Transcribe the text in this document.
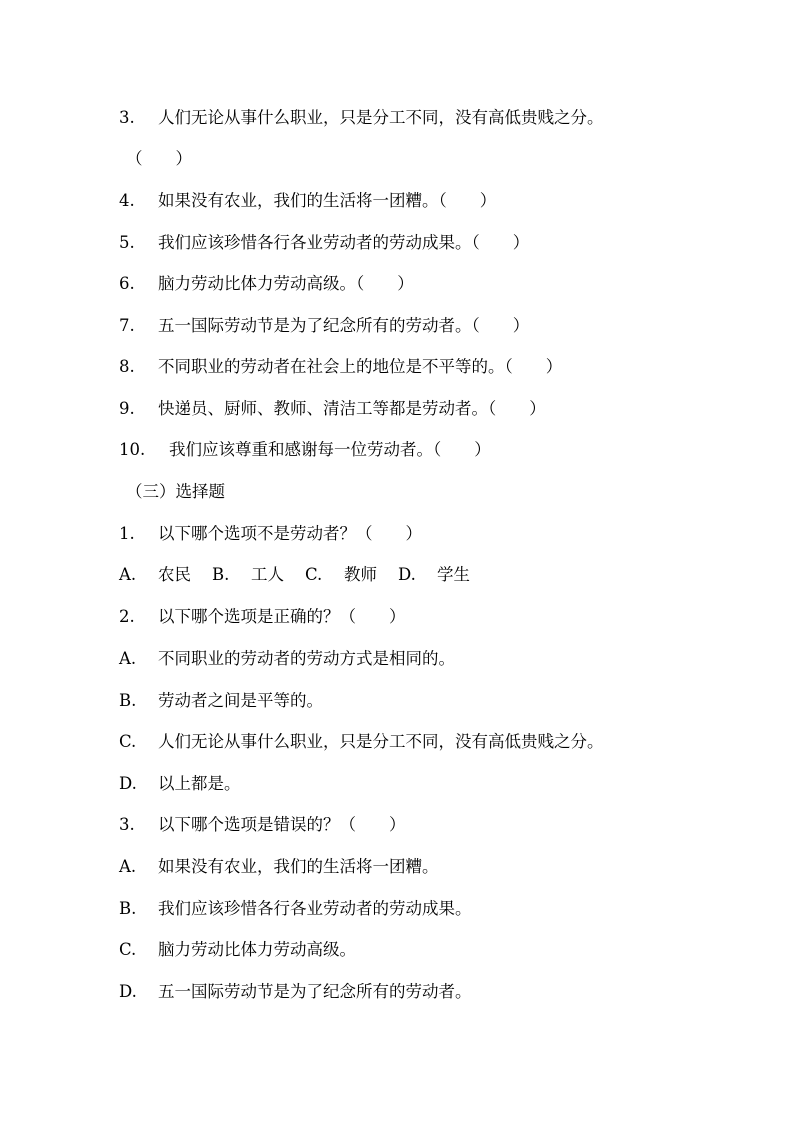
3. 人们无论从事什么职业，只是分工不同，没有高低贵贱之分。
（　　）
4. 如果没有农业，我们的生活将一团糟。（　　）
5. 我们应该珍惜各行各业劳动者的劳动成果。（　　）
6. 脑力劳动比体力劳动高级。（　　）
7. 五一国际劳动节是为了纪念所有的劳动者。（　　）
8. 不同职业的劳动者在社会上的地位是不平等的。（　　）
9. 快递员、厨师、教师、清洁工等都是劳动者。（　　）
10. 我们应该尊重和感谢每一位劳动者。（　　）
（三）选择题
1. 以下哪个选项不是劳动者？（　　）
A. 农民 B. 工人 C. 教师 D. 学生
2. 以下哪个选项是正确的？（　　）
A. 不同职业的劳动者的劳动方式是相同的。
B. 劳动者之间是平等的。
C. 人们无论从事什么职业，只是分工不同，没有高低贵贱之分。
D. 以上都是。
3. 以下哪个选项是错误的？（　　）
A. 如果没有农业，我们的生活将一团糟。
B. 我们应该珍惜各行各业劳动者的劳动成果。
C. 脑力劳动比体力劳动高级。
D. 五一国际劳动节是为了纪念所有的劳动者。
